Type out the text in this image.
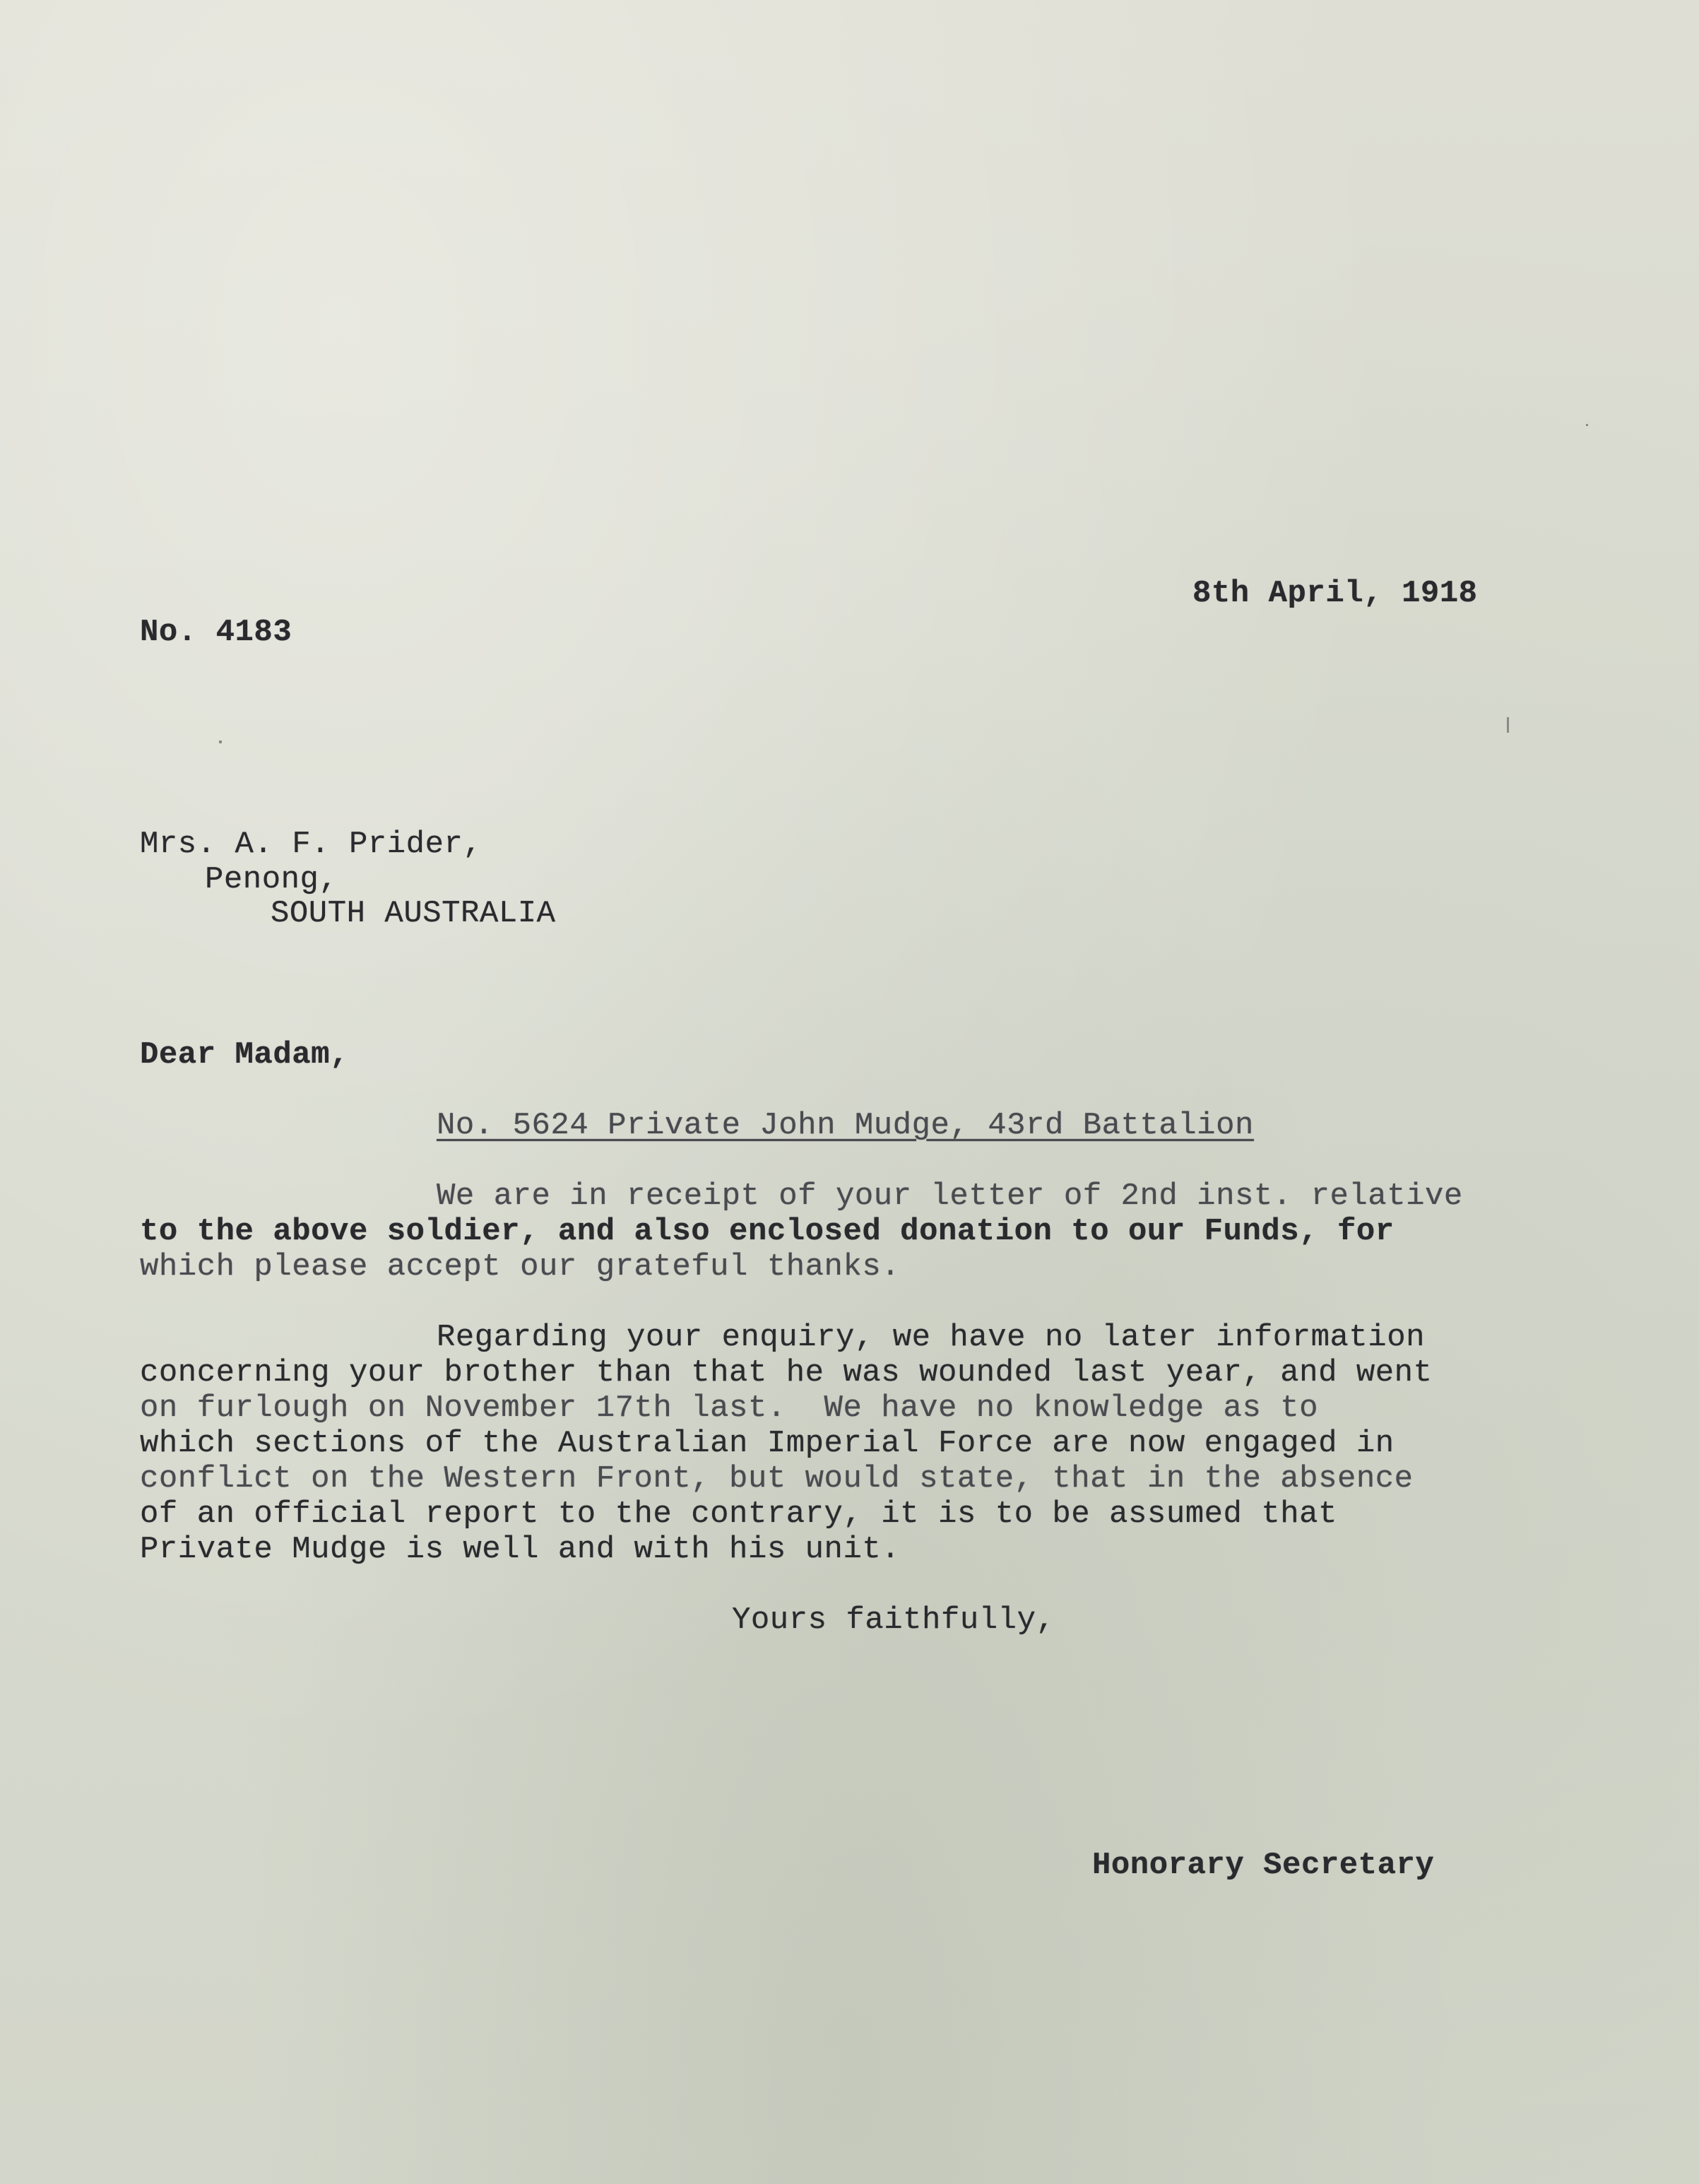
8th April, 1918
No. 4183
Mrs. A. F. Prider,
Penong,
SOUTH AUSTRALIA
Dear Madam,
No. 5624 Private John Mudge, 43rd Battalion
We are in receipt of your letter of 2nd inst. relative
to the above soldier, and also enclosed donation to our Funds, for
which please accept our grateful thanks.
Regarding your enquiry, we have no later information
concerning your brother than that he was wounded last year, and went
on furlough on November 17th last.  We have no knowledge as to
which sections of the Australian Imperial Force are now engaged in
conflict on the Western Front, but would state, that in the absence
of an official report to the contrary, it is to be assumed that
Private Mudge is well and with his unit.
Yours faithfully,
Honorary Secretary
